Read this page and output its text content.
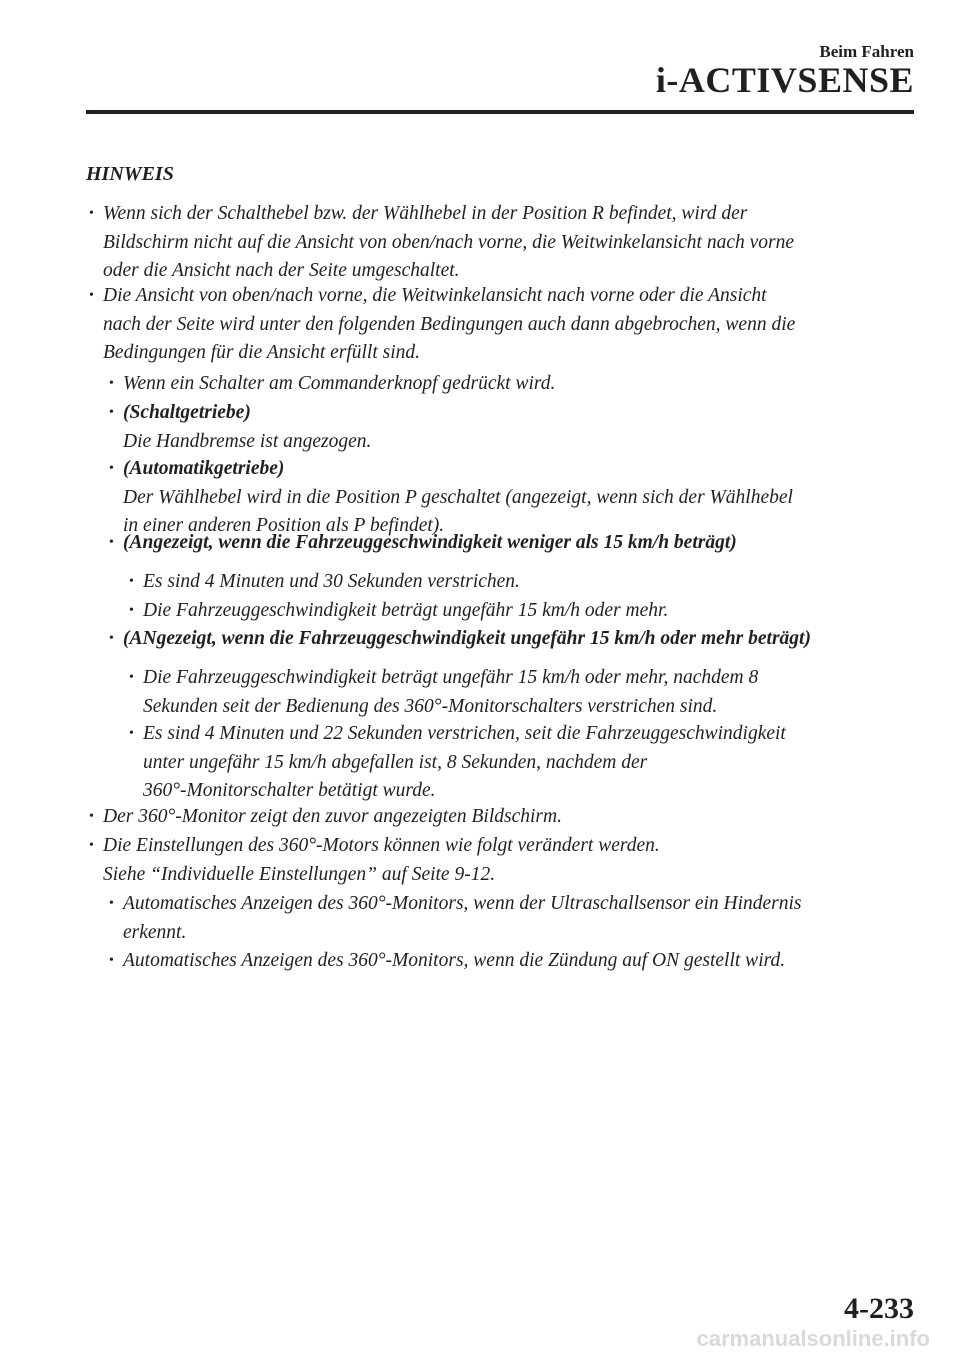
Beim Fahren
i-ACTIVSENSE
HINWEIS
• Wenn sich der Schalthebel bzw. der Wählhebel in der Position R befindet, wird der
Bildschirm nicht auf die Ansicht von oben/nach vorne, die Weitwinkelansicht nach vorne
oder die Ansicht nach der Seite umgeschaltet.
• Die Ansicht von oben/nach vorne, die Weitwinkelansicht nach vorne oder die Ansicht
nach der Seite wird unter den folgenden Bedingungen auch dann abgebrochen, wenn die
Bedingungen für die Ansicht erfüllt sind.
• Wenn ein Schalter am Commanderknopf gedrückt wird.
• (Schaltgetriebe)
Die Handbremse ist angezogen.
• (Automatikgetriebe)
Der Wählhebel wird in die Position P geschaltet (angezeigt, wenn sich der Wählhebel
in einer anderen Position als P befindet).
• (Angezeigt, wenn die Fahrzeuggeschwindigkeit weniger als 15 km/h beträgt)
• Es sind 4 Minuten und 30 Sekunden verstrichen.
• Die Fahrzeuggeschwindigkeit beträgt ungefähr 15 km/h oder mehr.
• (ANgezeigt, wenn die Fahrzeuggeschwindigkeit ungefähr 15 km/h oder mehr beträgt)
• Die Fahrzeuggeschwindigkeit beträgt ungefähr 15 km/h oder mehr, nachdem 8
Sekunden seit der Bedienung des 360°-Monitorschalters verstrichen sind.
• Es sind 4 Minuten und 22 Sekunden verstrichen, seit die Fahrzeuggeschwindigkeit
unter ungefähr 15 km/h abgefallen ist, 8 Sekunden, nachdem der
360°-Monitorschalter betätigt wurde.
• Der 360°-Monitor zeigt den zuvor angezeigten Bildschirm.
• Die Einstellungen des 360°-Motors können wie folgt verändert werden.
Siehe “Individuelle Einstellungen” auf Seite 9-12.
• Automatisches Anzeigen des 360°-Monitors, wenn der Ultraschallsensor ein Hindernis
erkennt.
• Automatisches Anzeigen des 360°-Monitors, wenn die Zündung auf ON gestellt wird.
4-233
carmanualsonline.info
